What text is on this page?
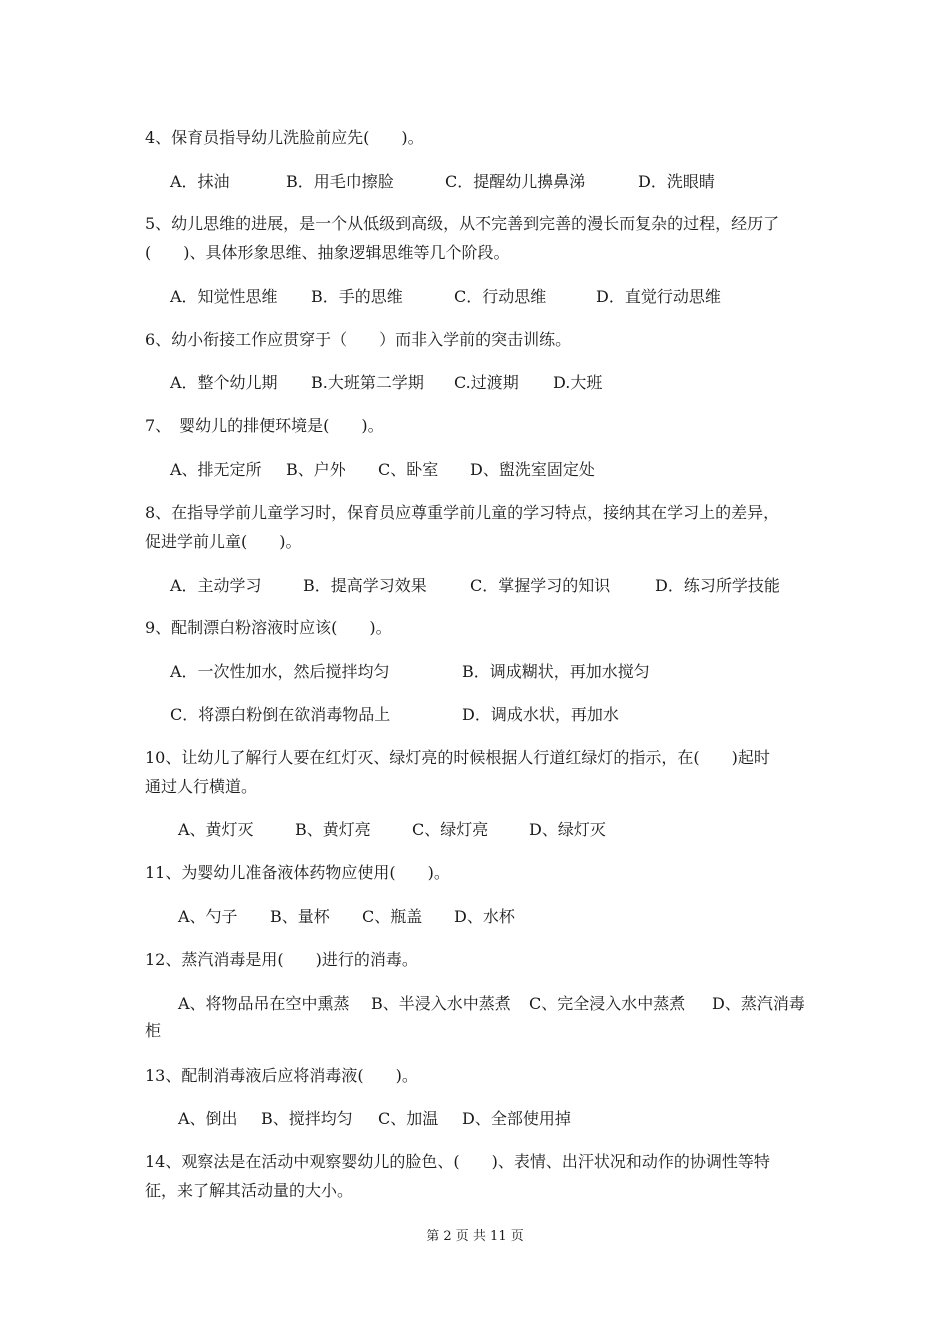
4、保育员指导幼儿洗脸前应先(　　)。
A．抹油	B．用毛巾擦脸	C．提醒幼儿擤鼻涕	D．洗眼睛
5、幼儿思维的进展，是一个从低级到高级，从不完善到完善的漫长而复杂的过程，经历了
(　　)、具体形象思维、抽象逻辑思维等几个阶段。
A．知觉性思维 B．手的思维	C．行动思维	D．直觉行动思维
6、幼小衔接工作应贯穿于（　　）而非入学前的突击训练。
A．整个幼儿期 B.大班第二学期 C.过渡期 D.大班
7、　婴幼儿的排便环境是(　　)。
A、排无定所 B、户外 C、卧室 D、盥洗室固定处
8、在指导学前儿童学习时，保育员应尊重学前儿童的学习特点，接纳其在学习上的差异，
促进学前儿童(　　)。
A．主动学习	B．提高学习效果	C．掌握学习的知识	D．练习所学技能
9、配制漂白粉溶液时应该(　　)。
A．一次性加水，然后搅拌均匀	B．调成糊状，再加水搅匀
C．将漂白粉倒在欲消毒物品上	D．调成水状，再加水
10、让幼儿了解行人要在红灯灭、绿灯亮的时候根据人行道红绿灯的指示，在(　　)起时
通过人行横道。
A、黄灯灭	B、黄灯亮	C、绿灯亮	D、绿灯灭
11、为婴幼儿准备液体药物应使用(　　)。
A、勺子 B、量杯 C、瓶盖 D、水杯
12、蒸汽消毒是用(　　)进行的消毒。
A、将物品吊在空中熏蒸 B、半浸入水中蒸煮 C、完全浸入水中蒸煮 D、蒸汽消毒
柜
13、配制消毒液后应将消毒液(　　)。
A、倒出 B、搅拌均匀 C、加温 D、全部使用掉
14、观察法是在活动中观察婴幼儿的脸色、(　　)、表情、出汗状况和动作的协调性等特
征，来了解其活动量的大小。
第 2 页 共 11 页
